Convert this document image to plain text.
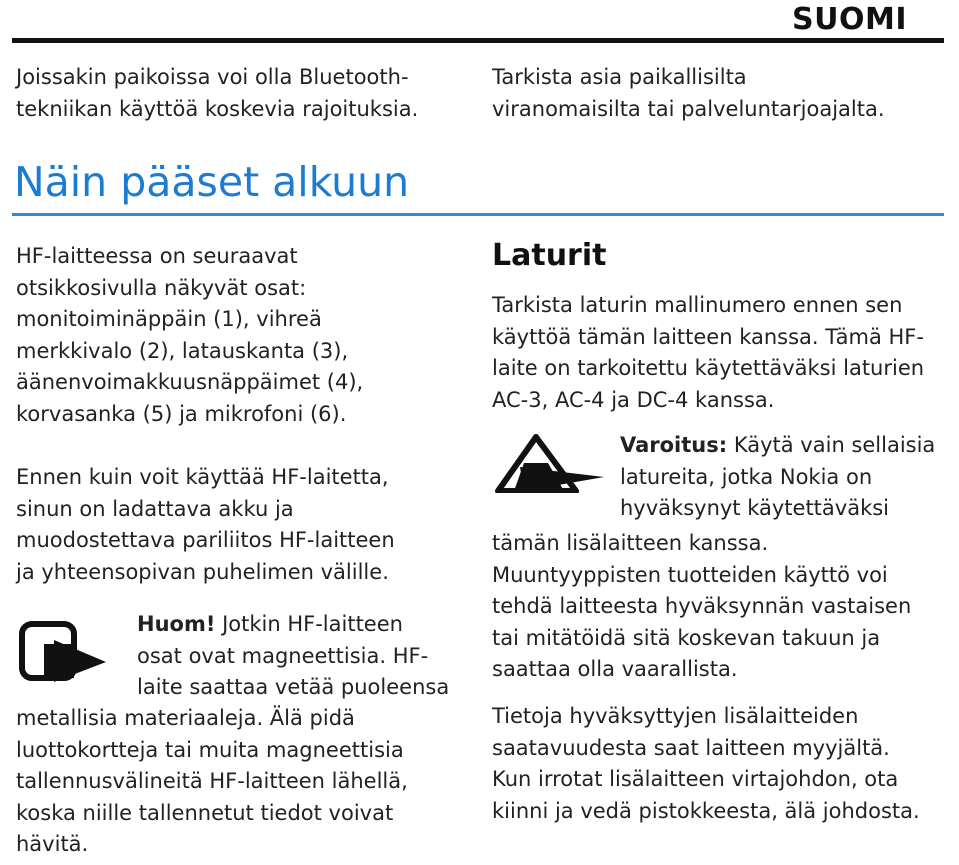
SUOMI
Joissakin paikoissa voi olla Bluetooth-
tekniikan käyttöä koskevia rajoituksia.
Tarkista asia paikallisilta
viranomaisilta tai palveluntarjoajalta.
Näin pääset alkuun
HF-laitteessa on seuraavat
otsikkosivulla näkyvät osat:
monitoiminäppäin (1), vihreä
merkkivalo (2), latauskanta (3),
äänenvoimakkuusnäppäimet (4),
korvasanka (5) ja mikrofoni (6).
Ennen kuin voit käyttää HF-laitetta,
sinun on ladattava akku ja
muodostettava pariliitos HF-laitteen
ja yhteensopivan puhelimen välille.
Huom! Jotkin HF-laitteen
osat ovat magneettisia. HF-
laite saattaa vetää puoleensa
metallisia materiaaleja. Älä pidä
luottokortteja tai muita magneettisia
tallennusvälineitä HF-laitteen lähellä,
koska niille tallennetut tiedot voivat
hävitä.
Laturit
Tarkista laturin mallinumero ennen sen
käyttöä tämän laitteen kanssa. Tämä HF-
laite on tarkoitettu käytettäväksi laturien
AC-3, AC-4 ja DC-4 kanssa.
Varoitus: Käytä vain sellaisia
latureita, jotka Nokia on
hyväksynyt käytettäväksi
tämän lisälaitteen kanssa.
Muuntyyppisten tuotteiden käyttö voi
tehdä laitteesta hyväksynnän vastaisen
tai mitätöidä sitä koskevan takuun ja
saattaa olla vaarallista.
Tietoja hyväksyttyjen lisälaitteiden
saatavuudesta saat laitteen myyjältä.
Kun irrotat lisälaitteen virtajohdon, ota
kiinni ja vedä pistokkeesta, älä johdosta.
